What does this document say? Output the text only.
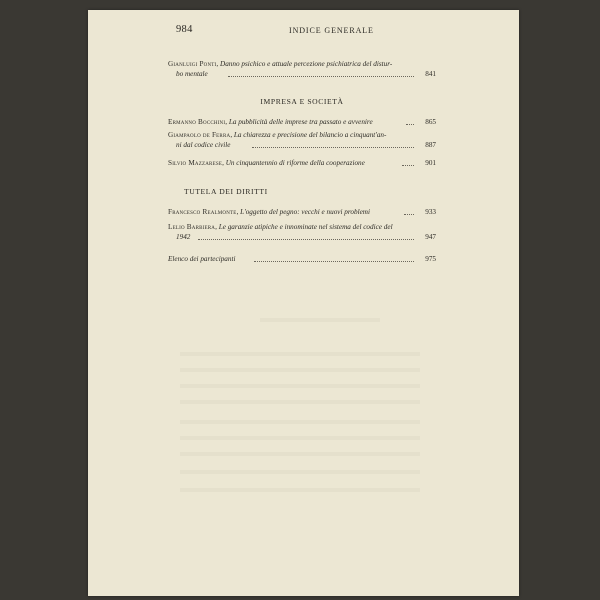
984	INDICE GENERALE
Gianluigi Ponti, Danno psichico e attuale percezione psichiatrica del distur-
bo mentale	841
IMPRESA E SOCIETÀ
Ermanno Bocchini, La pubblicità delle imprese tra passato e avvenire	865
Giampaolo de Ferra, La chiarezza e precisione del bilancio a cinquant'an-
ni dal codice civile	887
Silvio Mazzarese, Un cinquantennio di riforme della cooperazione	901
TUTELA DEI DIRITTI
Francesco Realmonte, L'oggetto del pegno: vecchi e nuovi problemi	933
Lelio Barbiera, Le garanzie atipiche e innominate nel sistema del codice del
1942	947
Elenco dei partecipanti	975
